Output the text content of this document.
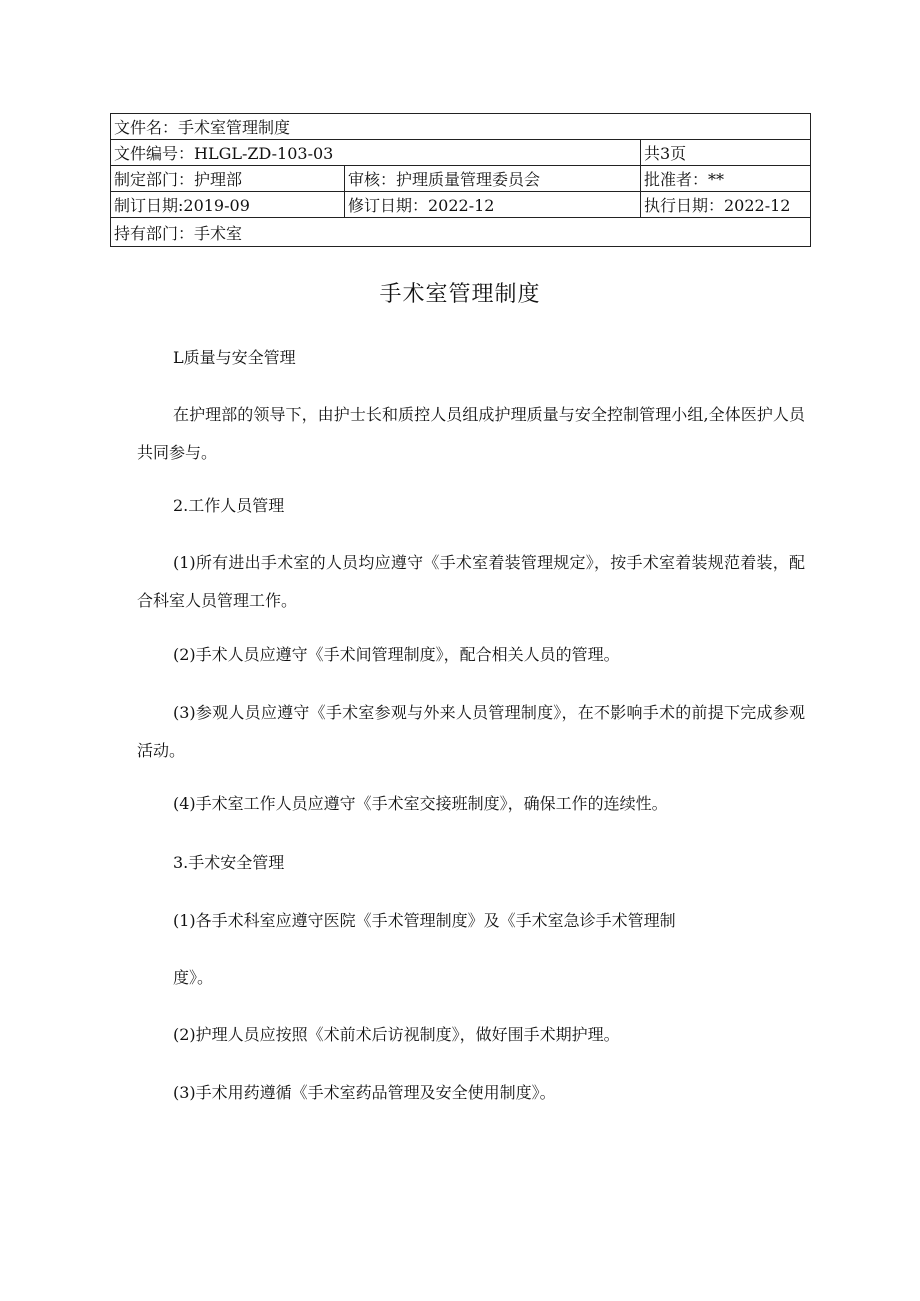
文件名：手术室管理制度		
文件编号：HLGL-ZD-103-03		共3页
制定部门：护理部	审核：护理质量管理委员会	批准者：**
制订日期:2019-09	修订日期：2022-12	执行日期：2022-12
持有部门：手术室		
手术室管理制度

L质量与安全管理

在护理部的领导下，由护士长和质控人员组成护理质量与安全控制管理小组,全体医护人员共同参与。

2.工作人员管理

(1)所有进出手术室的人员均应遵守《手术室着装管理规定》，按手术室着装规范着装，配合科室人员管理工作。

(2)手术人员应遵守《手术间管理制度》，配合相关人员的管理。

(3)参观人员应遵守《手术室参观与外来人员管理制度》，在不影响手术的前提下完成参观活动。

(4)手术室工作人员应遵守《手术室交接班制度》，确保工作的连续性。

3.手术安全管理

(1)各手术科室应遵守医院《手术管理制度》及《手术室急诊手术管理制

度》。

(2)护理人员应按照《术前术后访视制度》，做好围手术期护理。

(3)手术用药遵循《手术室药品管理及安全使用制度》。
